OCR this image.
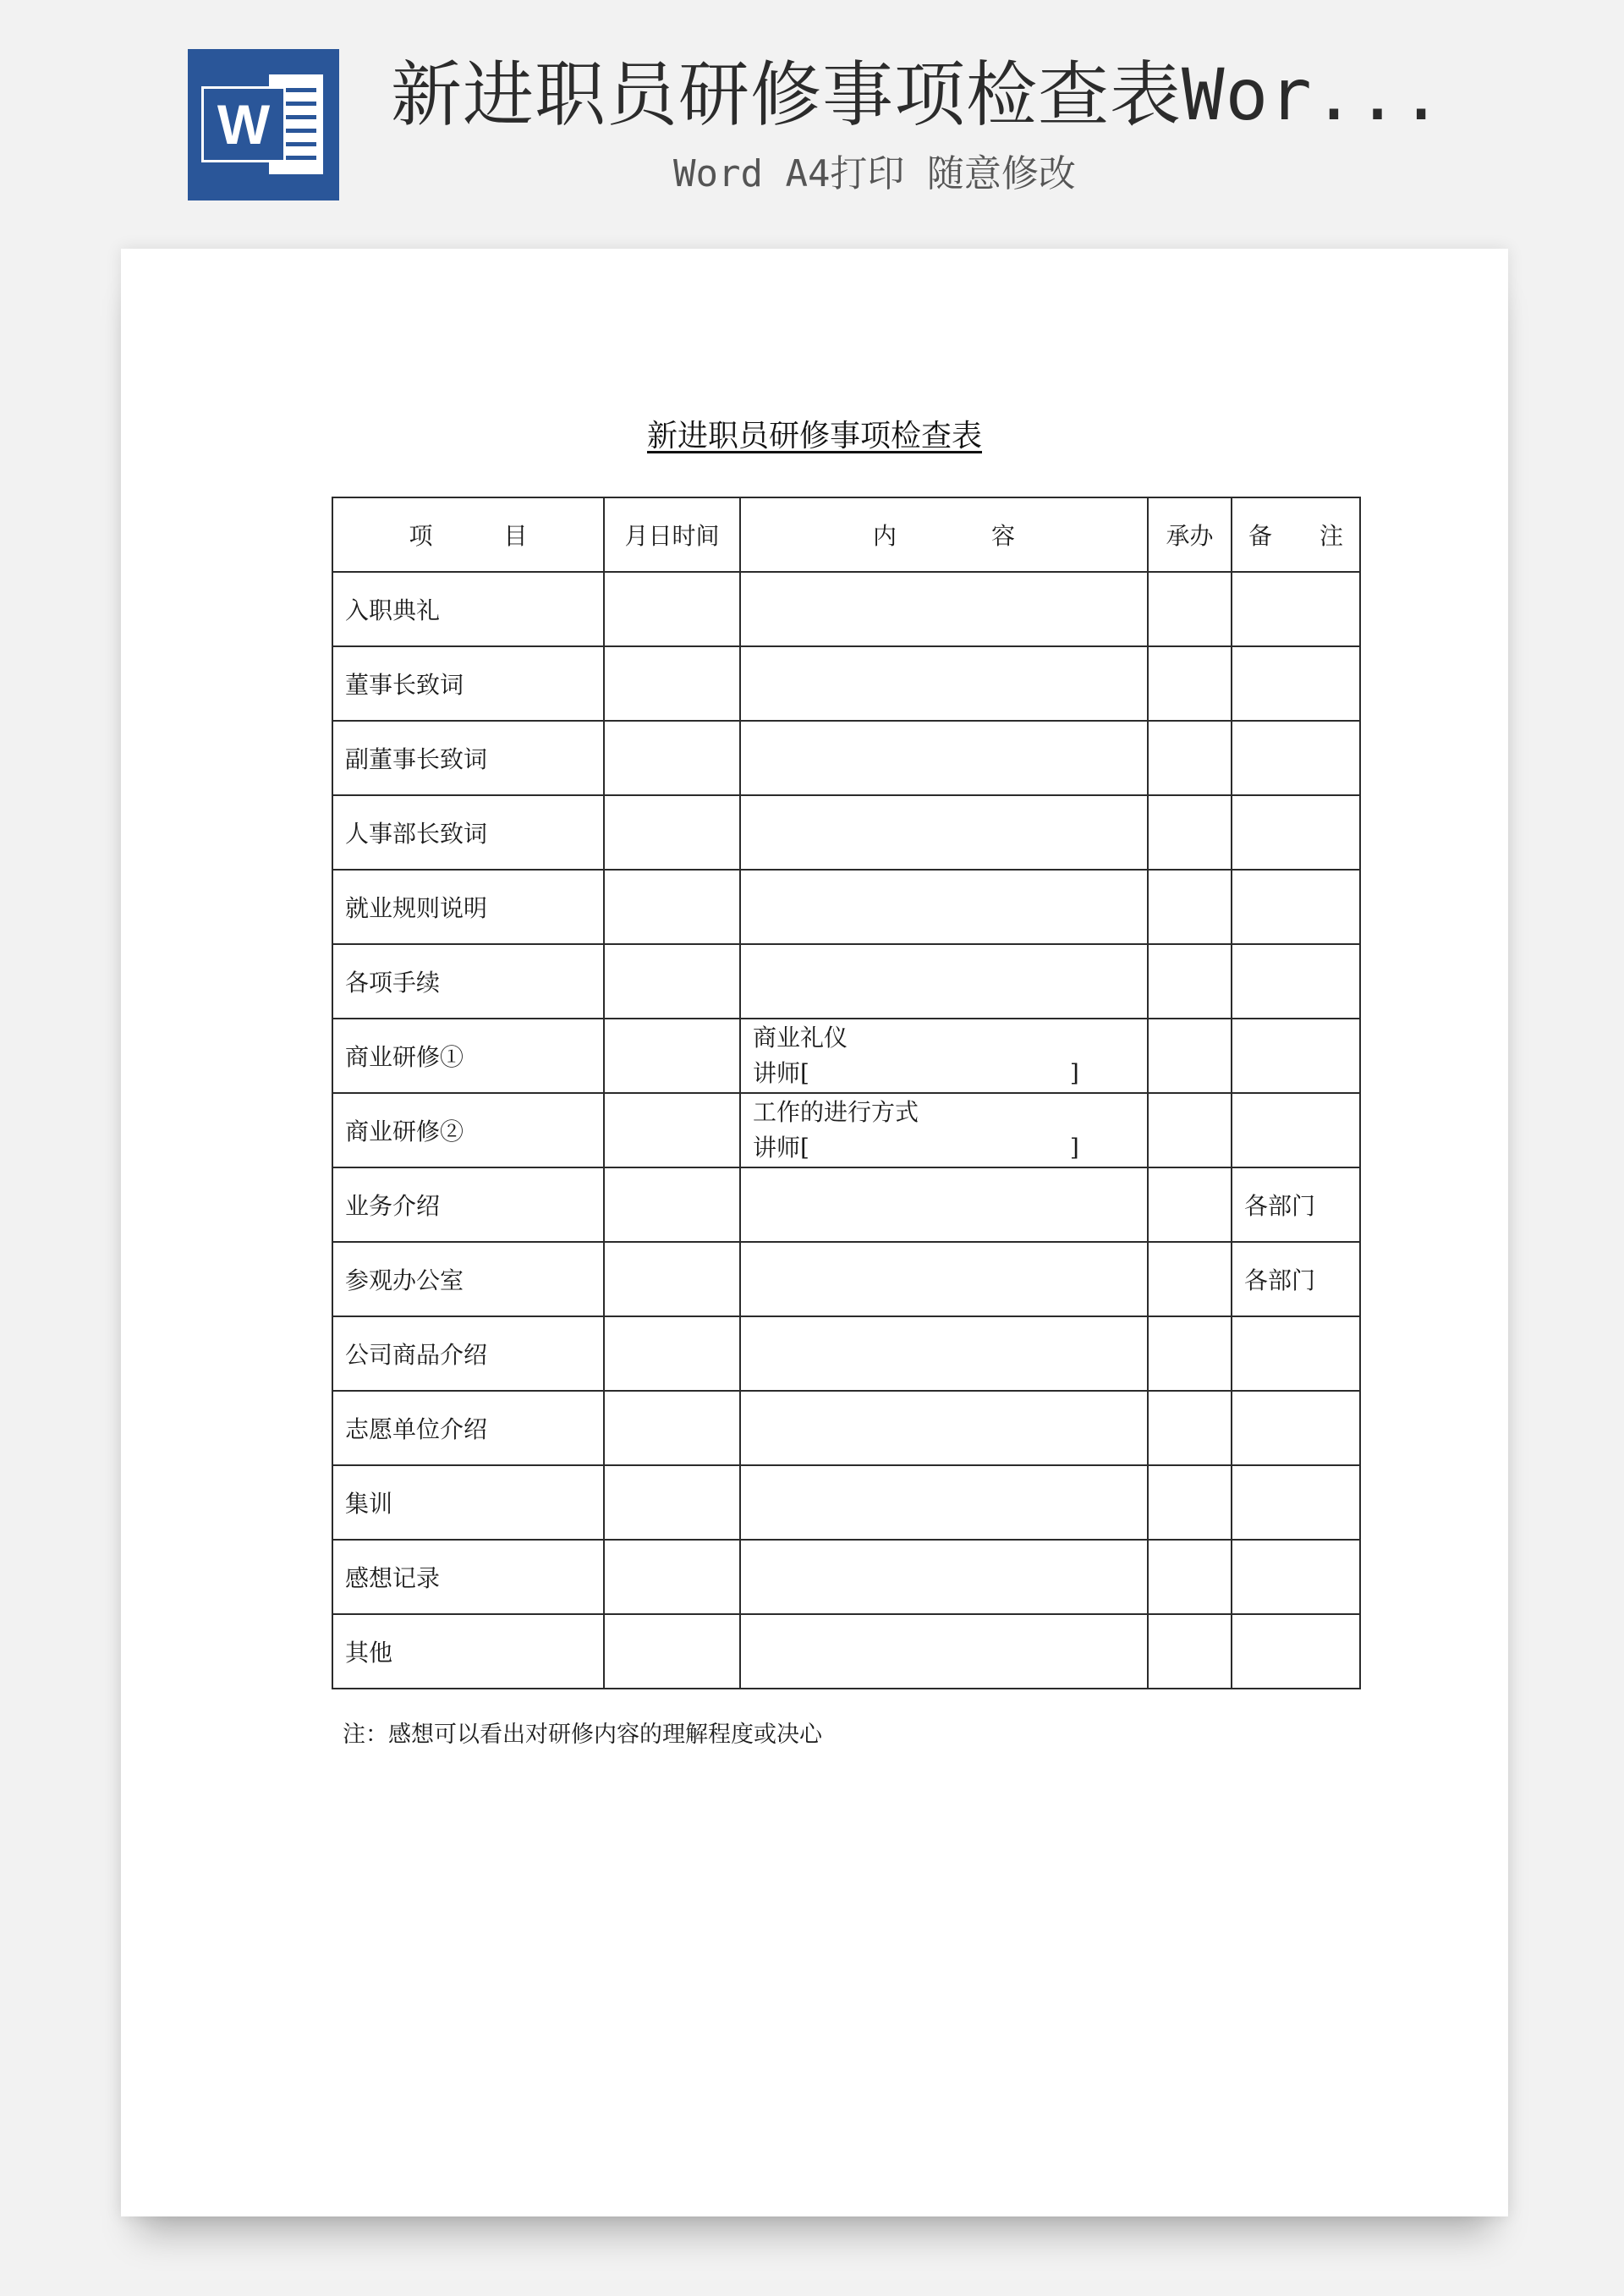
W 新进职员研修事项检查表Wor...
Word A4打印 随意修改
新进职员研修事项检查表
项　　　目	月日时间	内　　　　容	承办	备　　注
入职典礼				
董事长致词				
副董事长致词				
人事部长致词				
就业规则说明				
各项手续				
商业研修①		商业礼仪
讲师[　　　　　　　　　　　]		

商业研修②		工作的进行方式
讲师[　　　　　　　　　　　]		

业务介绍				各部门
参观办公室				各部门
公司商品介绍				
志愿单位介绍				
集训				
感想记录				
其他				
注：感想可以看出对研修内容的理解程度或决心
